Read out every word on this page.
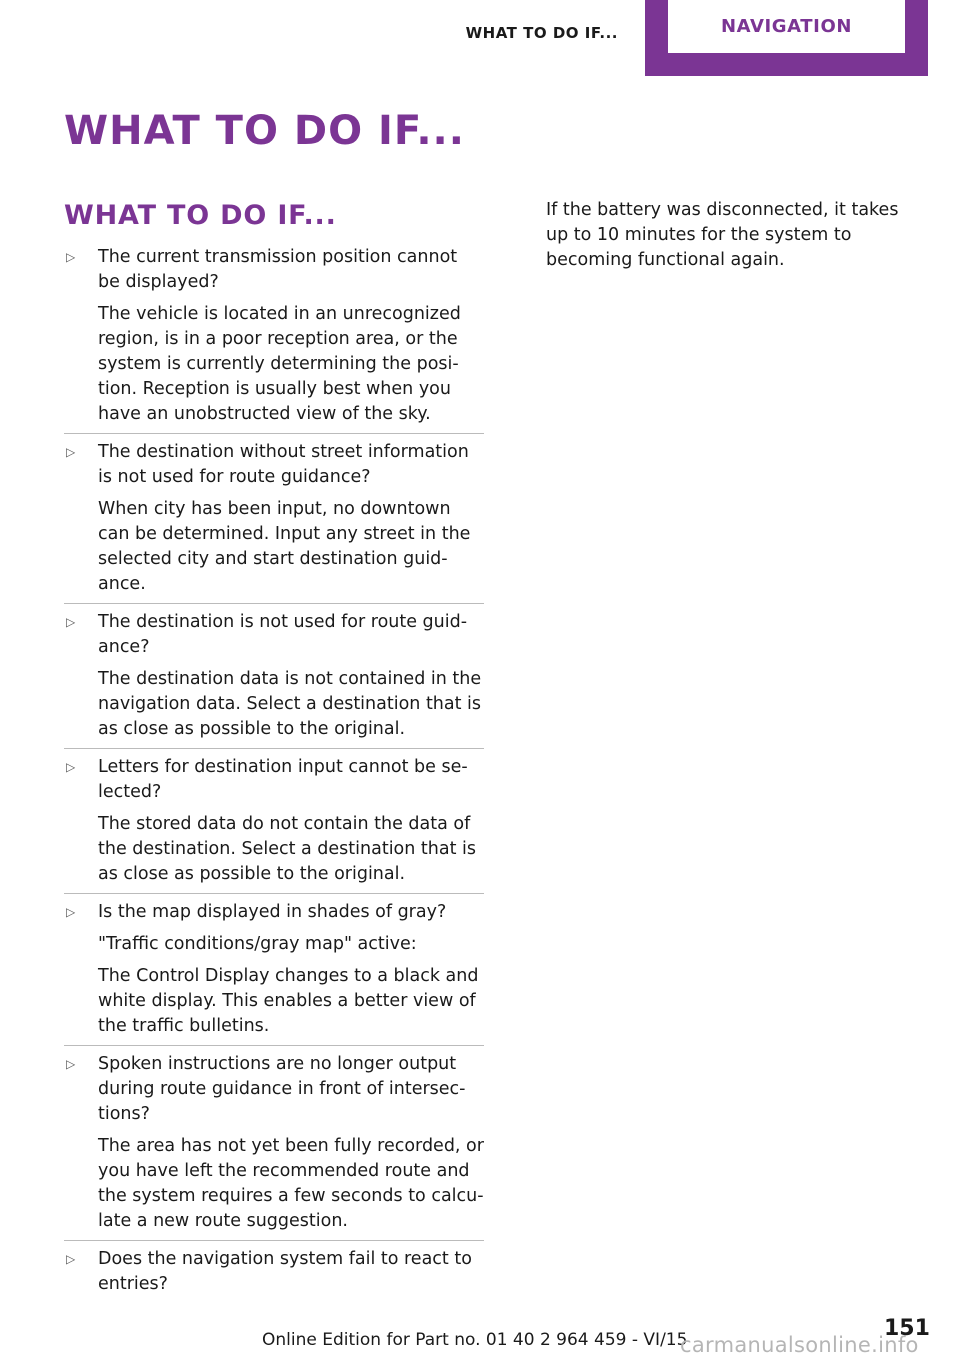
WHAT TO DO IF...	NAVIGATION
WHAT TO DO IF...
WHAT TO DO IF...
▷ The current transmission position cannot be displayed?

The vehicle is located in an unrecognized region, is in a poor reception area, or the system is currently determining the posi‐ tion. Reception is usually best when you have an unobstructed view of the sky.

▷ The destination without street information is not used for route guidance?

When city has been input, no downtown can be determined. Input any street in the selected city and start destination guid‐ ance.

▷ The destination is not used for route guid‐ ance?

The destination data is not contained in the navigation data. Select a destination that is as close as possible to the original.

▷ Letters for destination input cannot be se‐ lected?

The stored data do not contain the data of the destination. Select a destination that is as close as possible to the original.

▷ Is the map displayed in shades of gray?

"Traffic conditions/gray map" active:

The Control Display changes to a black and white display. This enables a better view of the traffic bulletins.

▷ Spoken instructions are no longer output during route guidance in front of intersec‐ tions?

The area has not yet been fully recorded, or you have left the recommended route and the system requires a few seconds to calcu‐ late a new route suggestion.

▷ Does the navigation system fail to react to entries?

If the battery was disconnected, it takes up to 10 minutes for the system to becoming functional again.

Online Edition for Part no. 01 40 2 964 459 - VI/15	151
carmanualsonline.info
